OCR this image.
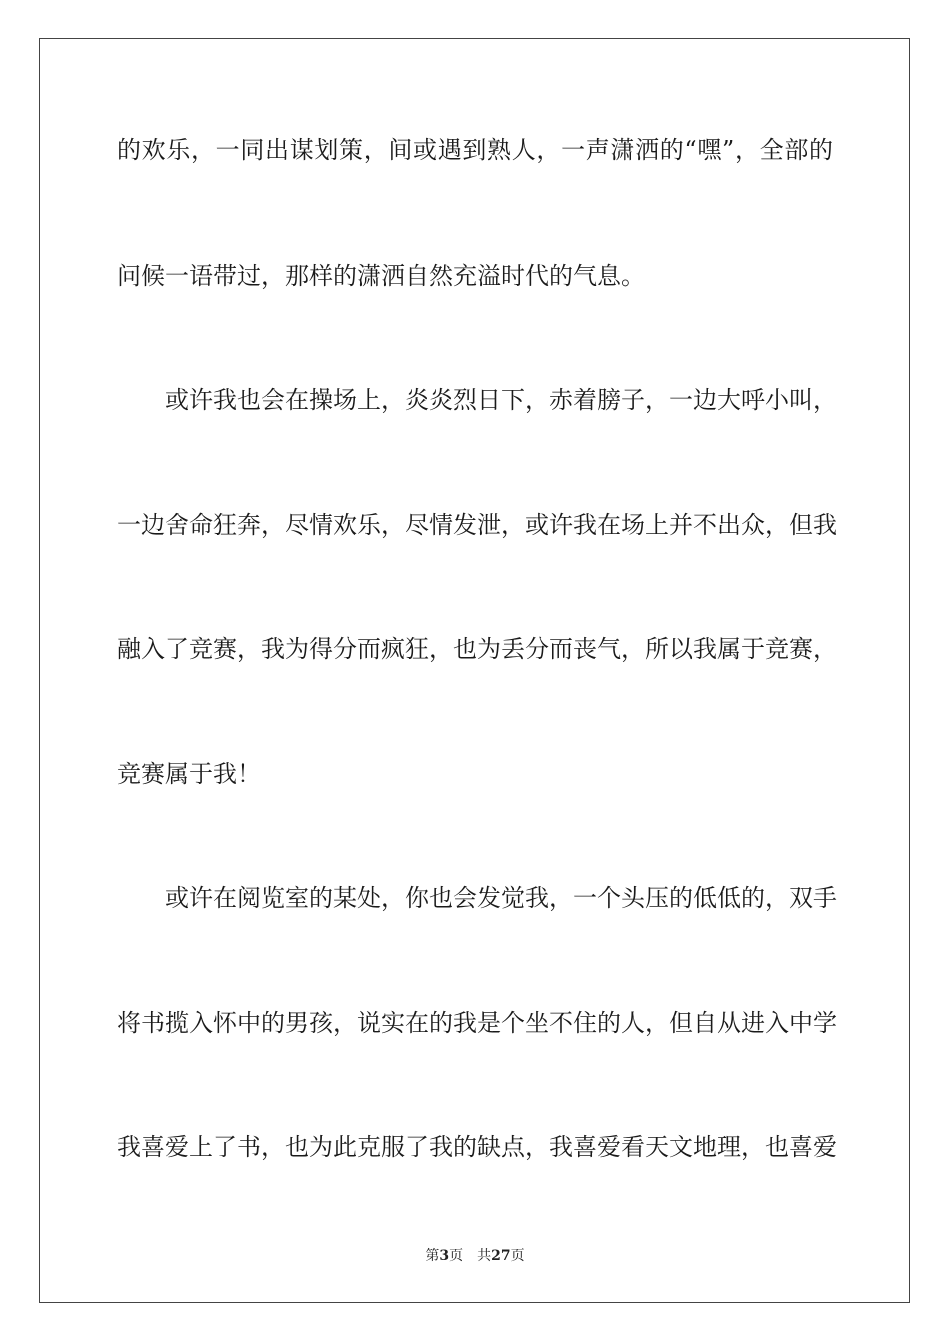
的欢乐，一同出谋划策，间或遇到熟人，一声潇洒的“嘿”，全部的
问候一语带过，那样的潇洒自然充溢时代的气息。
或许我也会在操场上，炎炎烈日下，赤着膀子，一边大呼小叫，
一边舍命狂奔，尽情欢乐，尽情发泄，或许我在场上并不出众，但我
融入了竞赛，我为得分而疯狂，也为丢分而丧气，所以我属于竞赛，
竞赛属于我！
或许在阅览室的某处，你也会发觉我，一个头压的低低的，双手
将书揽入怀中的男孩，说实在的我是个坐不住的人，但自从进入中学
我喜爱上了书，也为此克服了我的缺点，我喜爱看天文地理，也喜爱
第3页 共27页
